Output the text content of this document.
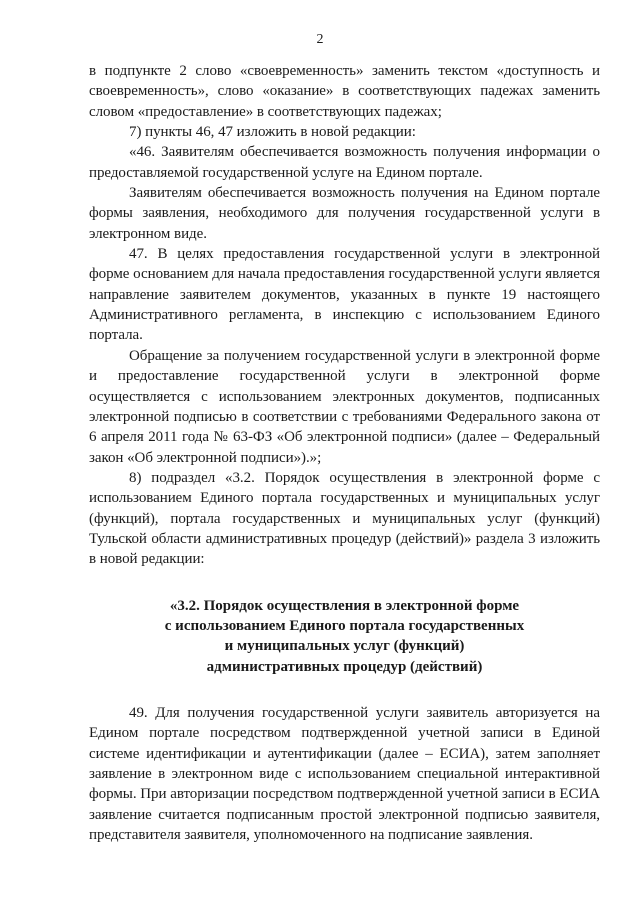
2

в подпункте 2 слово «своевременность» заменить текстом «доступность и своевременность», слово «оказание» в соответствующих падежах заменить словом «предоставление» в соответствующих падежах;

7) пункты 46, 47 изложить в новой редакции:

«46. Заявителям обеспечивается возможность получения информации о предоставляемой государственной услуге на Едином портале.

Заявителям обеспечивается возможность получения на Едином портале формы заявления, необходимого для получения государственной услуги в электронном виде.

47. В целях предоставления государственной услуги в электронной форме основанием для начала предоставления государственной услуги является направление заявителем документов, указанных в пункте 19 настоящего Административного регламента, в инспекцию с использованием Единого портала.

Обращение за получением государственной услуги в электронной форме и предоставление государственной услуги в электронной форме осуществляется с использованием электронных документов, подписанных электронной подписью в соответствии с требованиями Федерального закона от 6 апреля 2011 года № 63-ФЗ «Об электронной подписи» (далее – Федеральный закон «Об электронной подписи»).»;

8) подраздел «3.2. Порядок осуществления в электронной форме с использованием Единого портала государственных и муниципальных услуг (функций), портала государственных и муниципальных услуг (функций) Тульской области административных процедур (действий)» раздела 3 изложить в новой редакции:

«3.2. Порядок осуществления в электронной форме
с использованием Единого портала государственных
и муниципальных услуг (функций)
административных процедур (действий)

49. Для получения государственной услуги заявитель авторизуется на Едином портале посредством подтвержденной учетной записи в Единой системе идентификации и аутентификации (далее – ЕСИА), затем заполняет заявление в электронном виде с использованием специальной интерактивной формы. При авторизации посредством подтвержденной учетной записи в ЕСИА заявление считается подписанным простой электронной подписью заявителя, представителя заявителя, уполномоченного на подписание заявления.
